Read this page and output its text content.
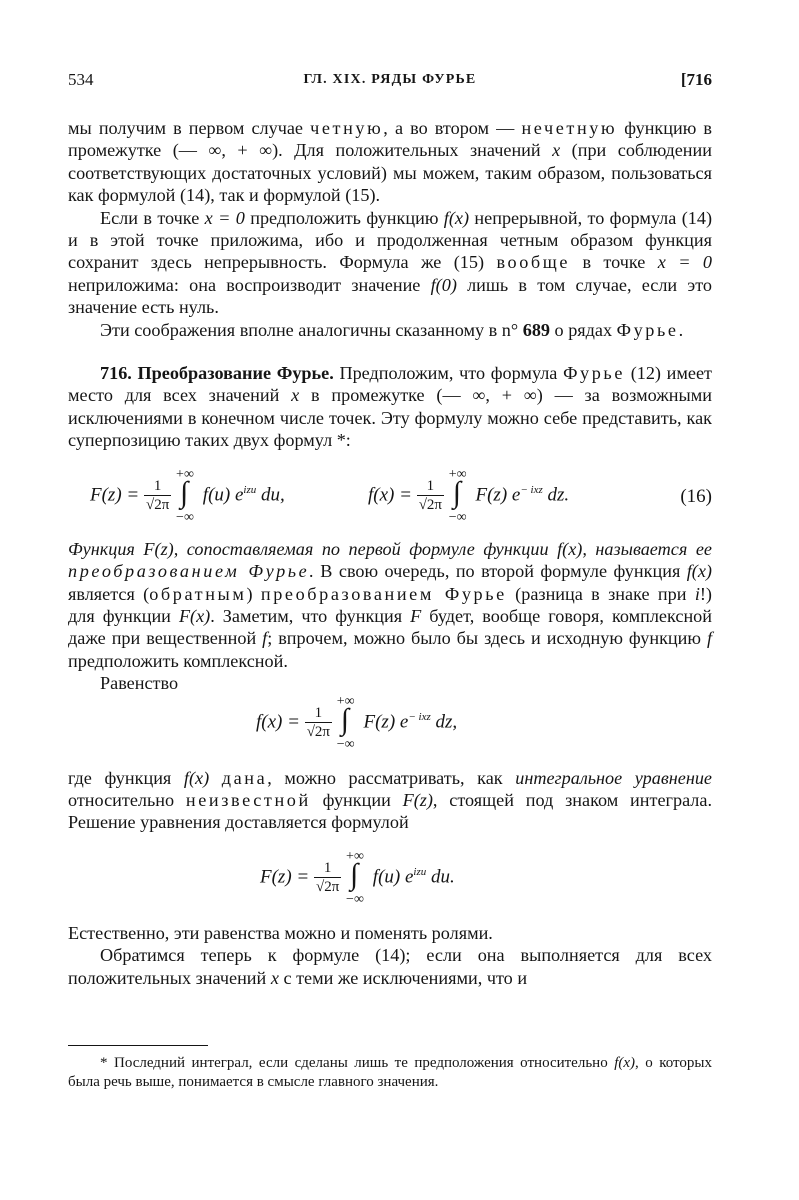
534	ГЛ. XIX. РЯДЫ ФУРЬЕ	[716

мы получим в первом случае четную, а во втором — нечетную функцию в промежутке (— ∞, + ∞). Для положительных значений x (при соблюдении соответствующих достаточных условий) мы можем, таким образом, пользоваться как формулой (14), так и формулой (15).

Если в точке x = 0 предположить функцию f(x) непрерывной, то формула (14) и в этой точке приложима, ибо и продолженная четным образом функция сохранит здесь непрерывность. Формула же (15) вообще в точке x = 0 неприложима: она воспроизводит значение f(0) лишь в том случае, если это значение есть нуль.

Эти соображения вполне аналогичны сказанному в n° 689 о рядах Фурье.

716. Преобразование Фурье. Предположим, что формула Фурье (12) имеет место для всех значений x в промежутке (— ∞, + ∞) — за возможными исключениями в конечном числе точек. Эту формулу можно себе представить, как суперпозицию таких двух формул *:

$F(z) = \frac{1}{√2\pi}$

+∞
∫
−∞
f(u) $e^{izu}$ du,	$f(x) = \frac{1}{√2\pi}$

+∞
∫
−∞
F(z) $e^{- ixz}$ dz.	(16)

Функция F(z), сопоставляемая по первой формуле функции f(x), называется ее преобразованием Фурье. В свою очередь, по второй формуле функция f(x) является (обратным) преобразованием Фурье (разница в знаке при i!) для функции F(x). Заметим, что функция F будет, вообще говоря, комплексной даже при вещественной f; впрочем, можно было бы здесь и исходную функцию f предположить комплексной.

Равенство

$f(x) = \frac{1}{√2\pi}$

+∞
∫
−∞
F(z) $e^{- ixz}$ dz,

где функция f(x) дана, можно рассматривать, как интегральное уравнение относительно неизвестной функции F(z), стоящей под знаком интеграла. Решение уравнения доставляется формулой

$F(z) = \frac{1}{√2\pi}$

+∞
∫
−∞
f(u) $e^{izu}$ du.

Естественно, эти равенства можно и поменять ролями.

Обратимся теперь к формуле (14); если она выполняется для всех положительных значений x с теми же исключениями, что и

* Последний интеграл, если сделаны лишь те предположения относительно f(x), о которых была речь выше, понимается в смысле главного значения.
